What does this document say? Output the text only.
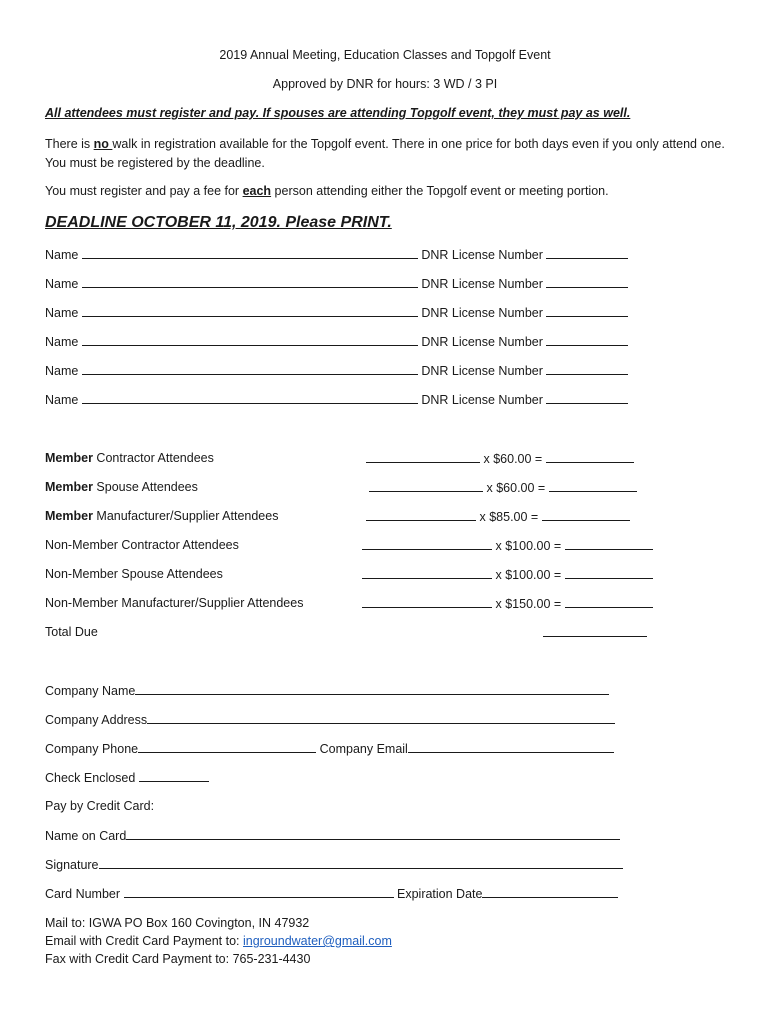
2019 Annual Meeting, Education Classes and Topgolf Event
Approved by DNR for hours: 3 WD / 3 PI
All attendees must register and pay. If spouses are attending Topgolf event, they must pay as well.
There is no walk in registration available for the Topgolf event. There in one price for both days even if you only attend one. You must be registered by the deadline.
You must register and pay a fee for each person attending either the Topgolf event or meeting portion.
DEADLINE OCTOBER 11, 2019. Please PRINT.
Name	DNR License Number
Name	DNR License Number
Name	DNR License Number
Name	DNR License Number
Name	DNR License Number
Name	DNR License Number
Member Contractor Attendees	x $60.00 =
Member Spouse Attendees	x $60.00 =
Member Manufacturer/Supplier Attendees	x $85.00 =
Non-Member Contractor Attendees	x $100.00 =
Non-Member Spouse Attendees	x $100.00 =
Non-Member Manufacturer/Supplier Attendees	x $150.00 =
Total Due
Company Name
Company Address
Company Phone	Company Email
Check Enclosed
Pay by Credit Card:
Name on Card
Signature
Card Number	Expiration Date
Mail to: IGWA PO Box 160 Covington, IN 47932
Email with Credit Card Payment to: ingroundwater@gmail.com
Fax with Credit Card Payment to: 765-231-4430
